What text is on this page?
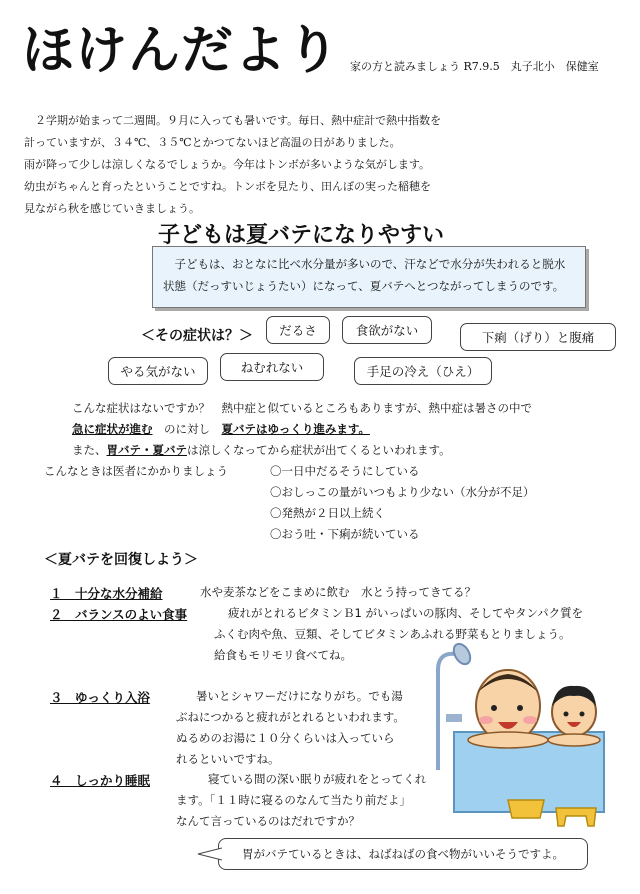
ほけんだより 家の方と読みましょう R7.9.5　丸子北小　保健室

　２学期が始まって二週間。９月に入っても暑いです。毎日、熱中症計で熱中指数を

計っていますが、３４℃、３５℃とかつてないほど高温の日がありました。

雨が降って少しは涼しくなるでしょうか。今年はトンボが多いような気がします。

幼虫がちゃんと育ったということですね。トンボを見たり、田んぼの実った稲穂を

見ながら秋を感じていきましょう。

　子どもは、おとなに比べ水分量が多いので、汗などで水分が失われると脱水

状態（だっすいじょうたい）になって、夏バテへとつながってしまうのです。

子どもは夏バテになりやすい
＜その症状は？＞	だるさ	食欲がない	下痢（げり）と腹痛
やる気がない	ねむれない	手足の冷え（ひえ）
こんな症状はないですか？　熱中症と似ているところもありますが、熱中症は暑さの中で
急に症状が進む　のに対し　夏バテはゆっくり進みます。
また、胃バテ・夏バテは涼しくなってから症状が出てくるといわれます。
こんなときは医者にかかりましょう	〇一日中だるそうにしている
〇おしっこの量がいつもより少ない（水分が不足）
〇発熱が２日以上続く
〇おう吐・下痢が続いている
＜夏バテを回復しよう＞
１　十分な水分補給	水や麦茶などをこまめに飲む　水とう持ってきてる？
２　バランスのよい食事	疲れがとれるビタミンＢ1 がいっぱいの豚肉、そしてやタンパク質を
ふくむ肉や魚、豆類、そしてビタミンあふれる野菜もとりましょう。
給食もモリモリ食べてね。
３　ゆっくり入浴	暑いとシャワーだけになりがち。でも湯
ぶねにつかると疲れがとれるといわれます。
ぬるめのお湯に１０分くらいは入っていら
れるといいですね。
４　しっかり睡眠	寝ている間の深い眠りが疲れをとってくれ
ます。「１１時に寝るのなんて当たり前だよ」
なんて言っているのはだれですか？
胃がバテているときは、ねばねばの食べ物がいいそうですよ。
